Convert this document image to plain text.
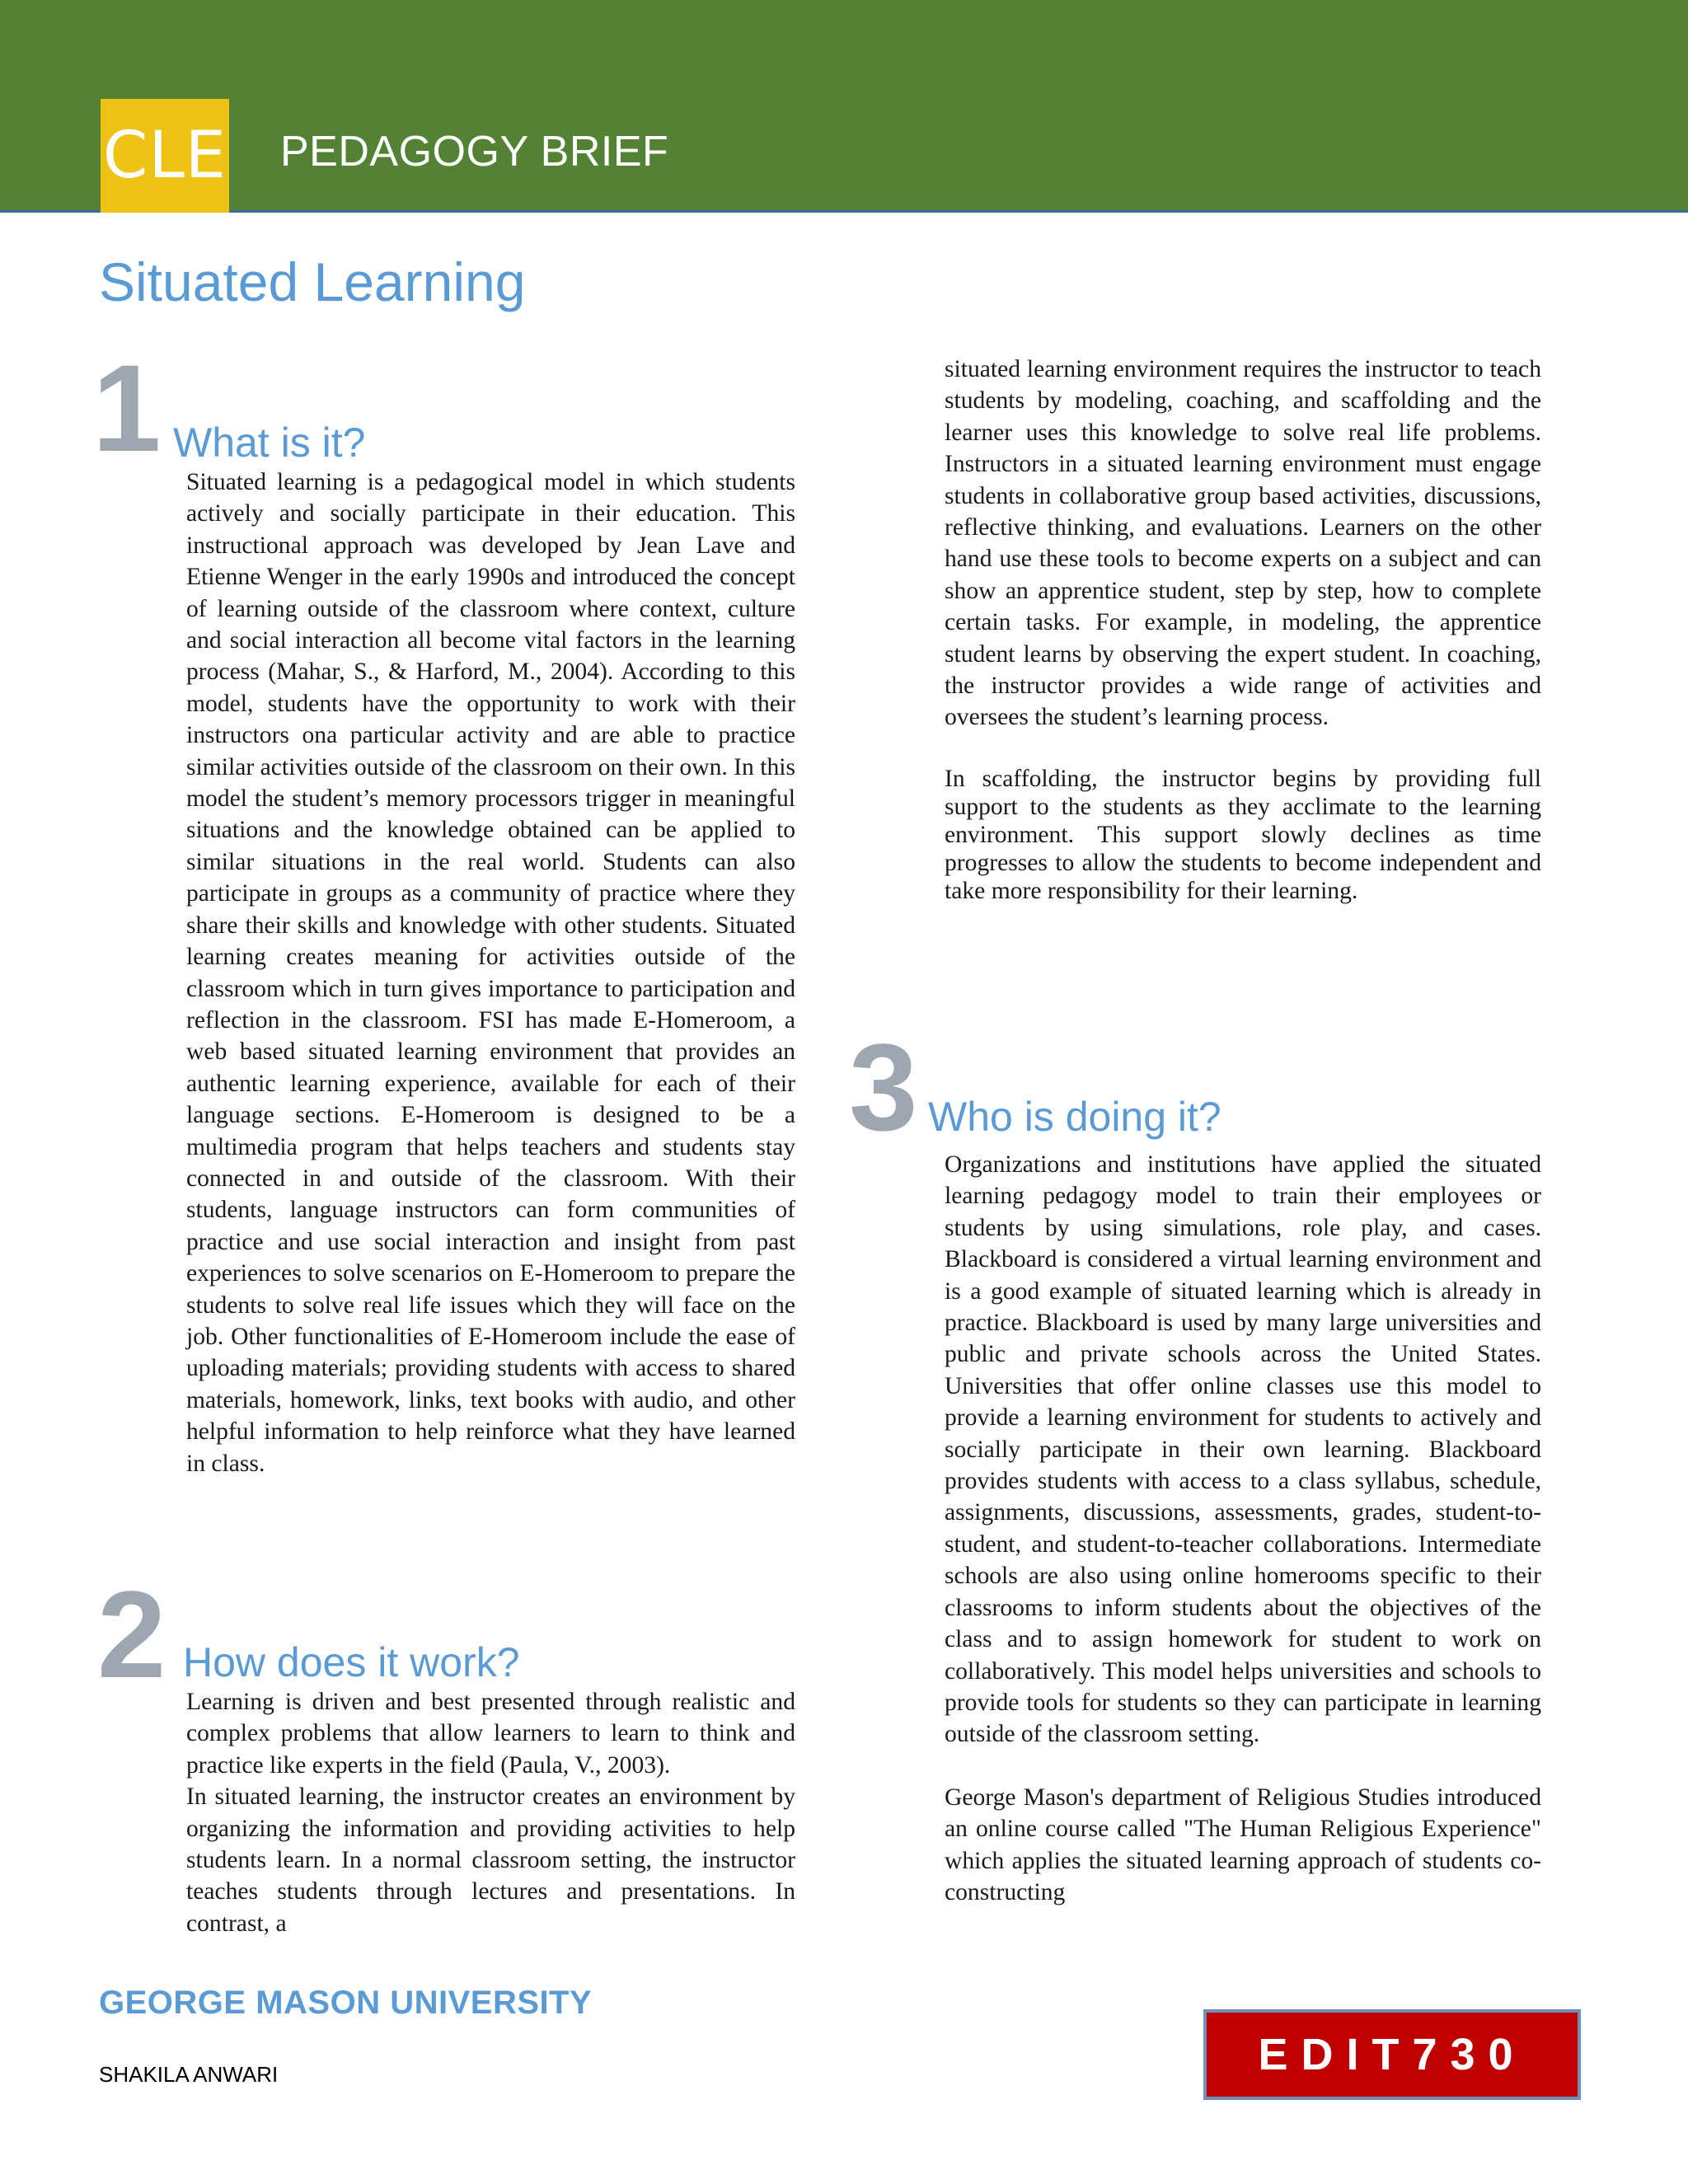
CLE PEDAGOGY BRIEF
Situated Learning
1 What is it?

Situated learning is a pedagogical model in which students actively and socially participate in their education. This instructional approach was developed by Jean Lave and Etienne Wenger in the early 1990s and introduced the concept of learning outside of the classroom where context, culture and social interaction all become vital factors in the learning process (Mahar, S., & Harford, M., 2004). According to this model, students have the opportunity to work with their instructors ona particular activity and are able to practice similar activities outside of the classroom on their own. In this model the student’s memory processors trigger in meaningful situations and the knowledge obtained can be applied to similar situations in the real world. Students can also participate in groups as a community of practice where they share their skills and knowledge with other students. Situated learning creates meaning for activities outside of the classroom which in turn gives importance to participation and reflection in the classroom. FSI has made E-Homeroom, a web based situated learning environment that provides an authentic learning experience, available for each of their language sections. E-Homeroom is designed to be a multimedia program that helps teachers and students stay connected in and outside of the classroom. With their students, language instructors can form communities of practice and use social interaction and insight from past experiences to solve scenarios on E-Homeroom to prepare the students to solve real life issues which they will face on the job. Other functionalities of E-Homeroom include the ease of uploading materials; providing students with access to shared materials, homework, links, text books with audio, and other helpful information to help reinforce what they have learned in class.

2 How does it work?

Learning is driven and best presented through realistic and complex problems that allow learners to learn to think and practice like experts in the field (Paula, V., 2003).

In situated learning, the instructor creates an environment by organizing the information and providing activities to help students learn. In a normal classroom setting, the instructor teaches students through lectures and presentations. In contrast, a

situated learning environment requires the instructor to teach students by modeling, coaching, and scaffolding and the learner uses this knowledge to solve real life problems. Instructors in a situated learning environment must engage students in collaborative group based activities, discussions, reflective thinking, and evaluations. Learners on the other hand use these tools to become experts on a subject and can show an apprentice student, step by step, how to complete certain tasks. For example, in modeling, the apprentice student learns by observing the expert student. In coaching, the instructor provides a wide range of activities and oversees the student’s learning process.

In scaffolding, the instructor begins by providing full support to the students as they acclimate to the learning environment. This support slowly declines as time progresses to allow the students to become independent and take more responsibility for their learning.

3 Who is doing it?

Organizations and institutions have applied the situated learning pedagogy model to train their employees or students by using simulations, role play, and cases. Blackboard is considered a virtual learning environment and is a good example of situated learning which is already in practice. Blackboard is used by many large universities and public and private schools across the United States. Universities that offer online classes use this model to provide a learning environment for students to actively and socially participate in their own learning. Blackboard provides students with access to a class syllabus, schedule, assignments, discussions, assessments, grades, student-to- student, and student-to-teacher collaborations. Intermediate schools are also using online homerooms specific to their classrooms to inform students about the objectives of the class and to assign homework for student to work on collaboratively. This model helps universities and schools to provide tools for students so they can participate in learning outside of the classroom setting.

George Mason's department of Religious Studies introduced an online course called "The Human Religious Experience" which applies the situated learning approach of students co- constructing

GEORGE MASON UNIVERSITY
SHAKILA ANWARI	EDIT730
